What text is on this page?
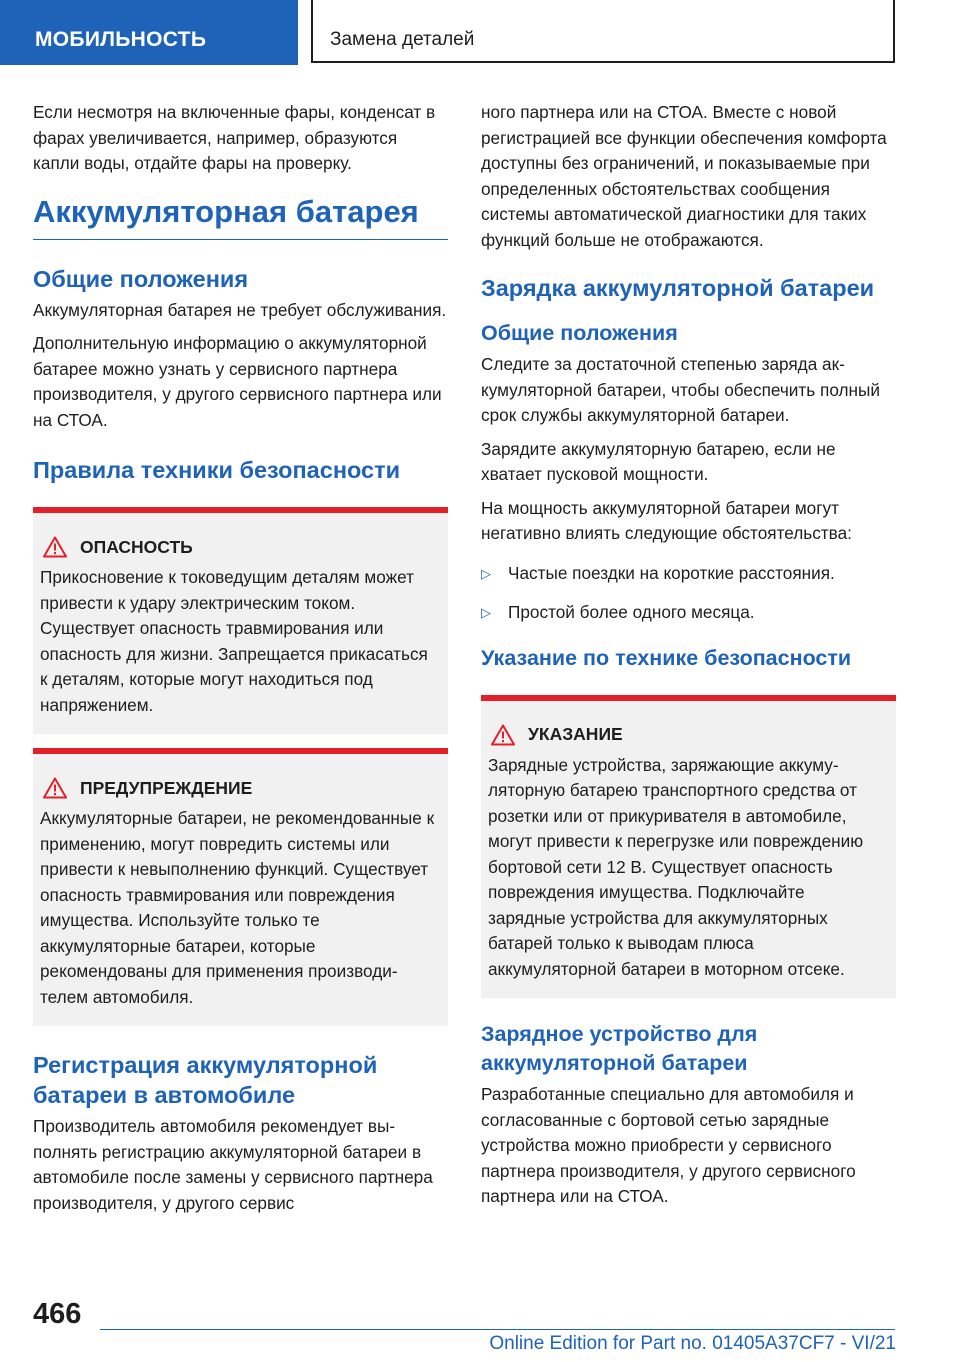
МОБИЛЬНОСТЬ	Замена деталей

Если несмотря на включенные фары, конденсат в фарах увеличивается, например, образуются капли воды, отдайте фары на проверку.

Аккумуляторная батарея
Общие положения

Аккумуляторная батарея не требует обслуживания.

Дополнительную информацию о аккумуляторной батарее можно узнать у сервисного партнера производителя, у другого сервисного партнера или на СТОА.

Правила техники безопасности
ОПАСНОСТЬ

Прикосновение к токоведущим деталям может привести к удару электрическим током. Существует опасность травмирования или опасность для жизни. Запрещается прикасаться к деталям, которые могут находиться под напряжением.

ПРЕДУПРЕЖДЕНИЕ

Аккумуляторные батареи, не рекомендованные к применению, могут повредить системы или привести к невыполнению функций. Существует опасность травмирования или повреждения имущества. Используйте только те аккумуляторные батареи, которые рекомендованы для применения производителем автомобиля.

Регистрация аккумуляторной батареи в автомобиле

Производитель автомобиля рекомендует выполнять регистрацию аккумуляторной батареи в автомобиле после замены у сервисного партнера производителя, у другого сервис

ного партнера или на СТОА. Вместе с новой регистрацией все функции обеспечения комфорта доступны без ограничений, и показываемые при определенных обстоятельствах сообщения системы автоматической диагностики для таких функций больше не отображаются.

Зарядка аккумуляторной батареи
Общие положения

Следите за достаточной степенью заряда аккумуляторной батареи, чтобы обеспечить полный срок службы аккумуляторной батареи.

Зарядите аккумуляторную батарею, если не хватает пусковой мощности.

На мощность аккумуляторной батареи могут негативно влиять следующие обстоятельства:

▷ Частые поездки на короткие расстояния.
▷ Простой более одного месяца.
Указание по технике безопасности
УКАЗАНИЕ

Зарядные устройства, заряжающие аккумуляторную батарею транспортного средства от розетки или от прикуривателя в автомобиле, могут привести к перегрузке или повреждению бортовой сети 12 В. Существует опасность повреждения имущества. Подключайте зарядные устройства для аккумуляторных батарей только к выводам плюса аккумуляторной батареи в моторном отсеке.

Зарядное устройство для аккумуляторной батареи

Разработанные специально для автомобиля и согласованные с бортовой сетью зарядные устройства можно приобрести у сервисного партнера производителя, у другого сервисного партнера или на СТОА.

466
Online Edition for Part no. 01405A37CF7 - VI/21
